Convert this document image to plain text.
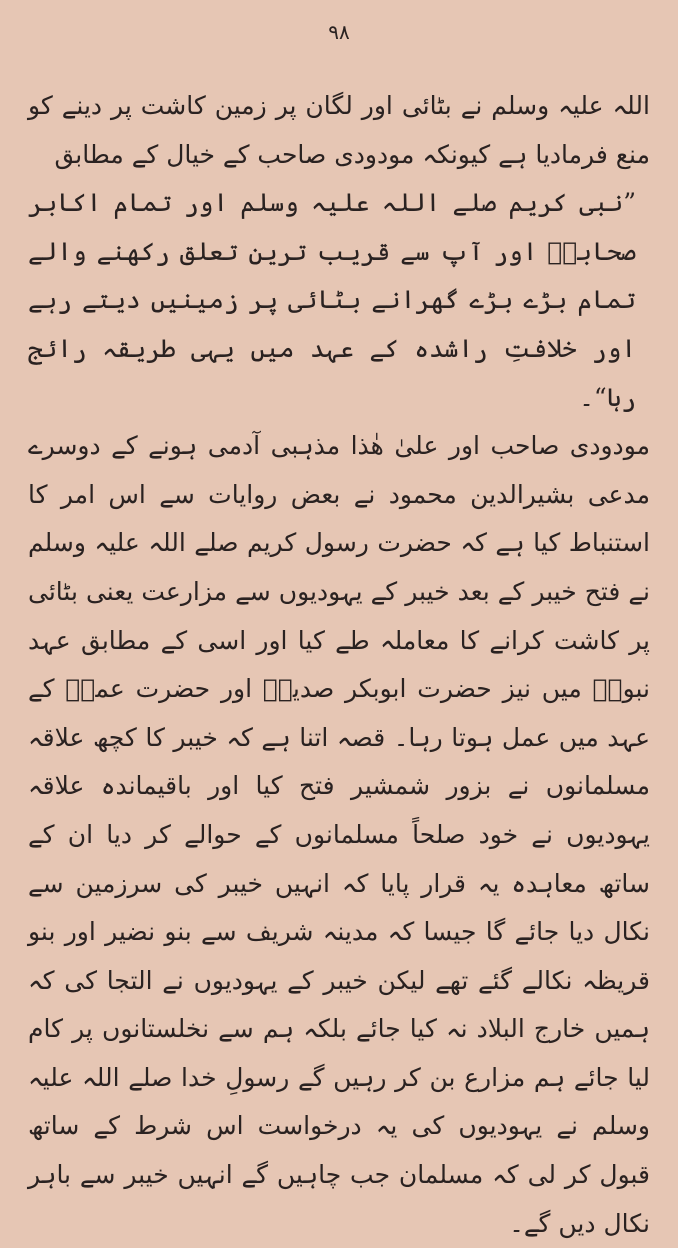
٩٨

اللہ علیہ وسلم نے بٹائی اور لگان پر زمین کاشت پر دینے کو منع فرمادیا ہے کیونکہ مودودی صاحب کے خیال کے مطابق

”نبی کریم صلے اللہ علیہ وسلم اور تمام اکابر صحابہؓ اور آپ سے قریب ترین تعلق رکھنے والے تمام بڑے بڑے گھرانے بٹائی پر زمینیں دیتے رہے اور خلافتِ راشدہ کے عہد میں یہی طریقہ رائج رہا“۔

مودودی صاحب اور علیٰ ھٰذا مذہبی آدمی ہونے کے دوسرے مدعی بشیرالدین محمود نے بعض روایات سے اس امر کا استنباط کیا ہے کہ حضرت رسول کریم صلے اللہ علیہ وسلم نے فتح خیبر کے بعد خیبر کے یہودیوں سے مزارعت یعنی بٹائی پر کاشت کرانے کا معاملہ طے کیا اور اسی کے مطابق عہد نبویؐ میں نیز حضرت ابوبکر صدیقؓ اور حضرت عمرؓ کے عہد میں عمل ہوتا رہا۔ قصہ اتنا ہے کہ خیبر کا کچھ علاقہ مسلمانوں نے بزور شمشیر فتح کیا اور باقیماندہ علاقہ یہودیوں نے خود صلحاً مسلمانوں کے حوالے کر دیا ان کے ساتھ معاہدہ یہ قرار پایا کہ انہیں خیبر کی سرزمین سے نکال دیا جائے گا جیسا کہ مدینہ شریف سے بنو نضیر اور بنو قریظہ نکالے گئے تھے لیکن خیبر کے یہودیوں نے التجا کی کہ ہمیں خارج البلاد نہ کیا جائے بلکہ ہم سے نخلستانوں پر کام لیا جائے ہم مزارع بن کر رہیں گے رسولِ خدا صلے اللہ علیہ وسلم نے یہودیوں کی یہ درخواست اس شرط کے ساتھ قبول کر لی کہ مسلمان جب چاہیں گے انہیں خیبر سے باہر نکال دیں گے۔
